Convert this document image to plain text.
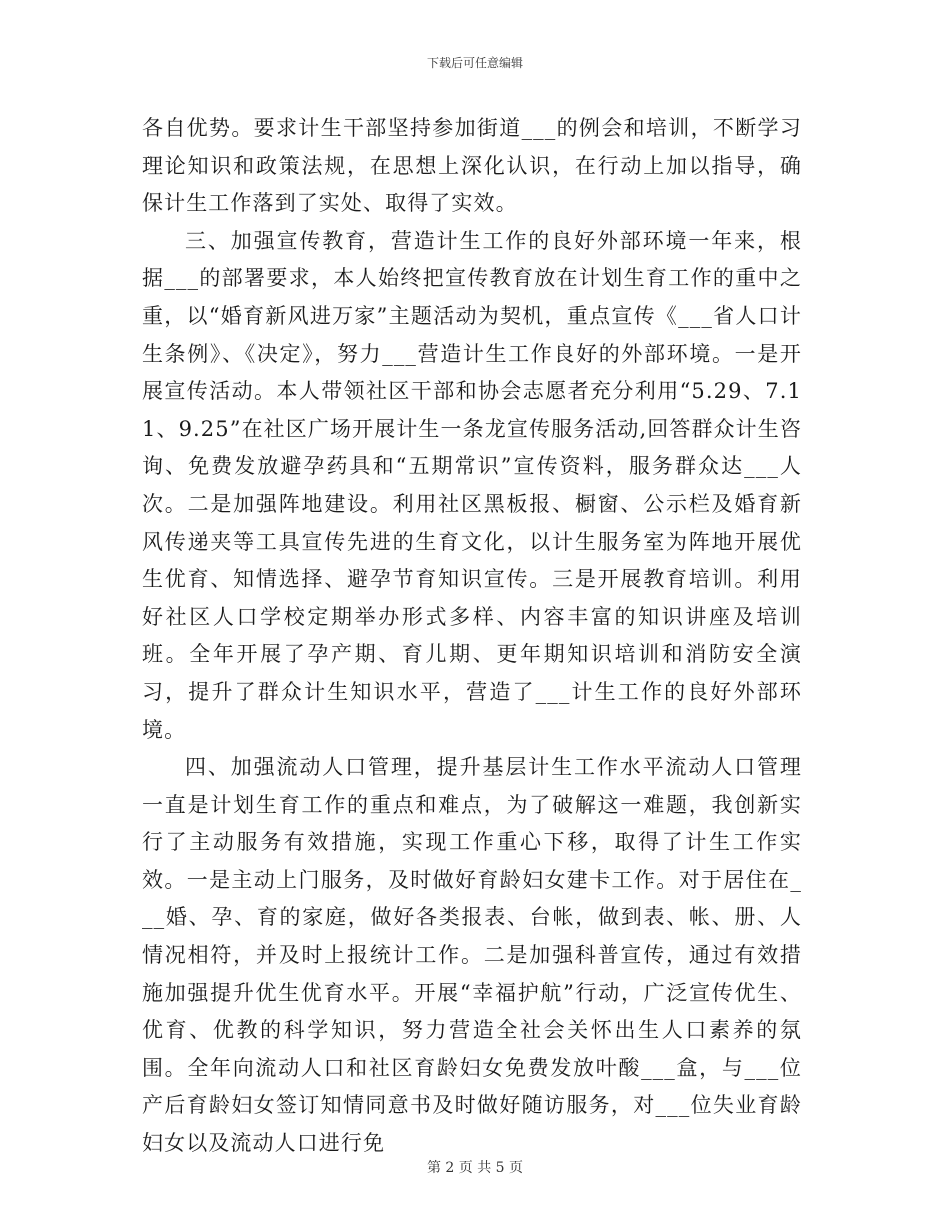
下载后可任意编辑

各自优势。要求计生干部坚持参加街道___的例会和培训，不断学习理论知识和政策法规，在思想上深化认识，在行动上加以指导，确保计生工作落到了实处、取得了实效。

三、加强宣传教育，营造计生工作的良好外部环境一年来，根据___的部署要求，本人始终把宣传教育放在计划生育工作的重中之重，以“婚育新风进万家”主题活动为契机，重点宣传《___省人口计生条例》、《决定》，努力___营造计生工作良好的外部环境。一是开展宣传活动。本人带领社区干部和协会志愿者充分利用“5.29、7.11、9.25”在社区广场开展计生一条龙宣传服务活动,回答群众计生咨询、免费发放避孕药具和“五期常识”宣传资料，服务群众达___人次。二是加强阵地建设。利用社区黑板报、橱窗、公示栏及婚育新风传递夹等工具宣传先进的生育文化，以计生服务室为阵地开展优生优育、知情选择、避孕节育知识宣传。三是开展教育培训。利用好社区人口学校定期举办形式多样、内容丰富的知识讲座及培训班。全年开展了孕产期、育儿期、更年期知识培训和消防安全演习，提升了群众计生知识水平，营造了___计生工作的良好外部环境。

四、加强流动人口管理，提升基层计生工作水平流动人口管理一直是计划生育工作的重点和难点，为了破解这一难题，我创新实行了主动服务有效措施，实现工作重心下移，取得了计生工作实效。一是主动上门服务，及时做好育龄妇女建卡工作。对于居住在___婚、孕、育的家庭，做好各类报表、台帐，做到表、帐、册、人情况相符，并及时上报统计工作。二是加强科普宣传，通过有效措施加强提升优生优育水平。开展“幸福护航”行动，广泛宣传优生、优育、优教的科学知识，努力营造全社会关怀出生人口素养的氛围。全年向流动人口和社区育龄妇女免费发放叶酸___盒，与___位产后育龄妇女签订知情同意书及时做好随访服务，对___位失业育龄妇女以及流动人口进行免

第 2 页 共 5 页
